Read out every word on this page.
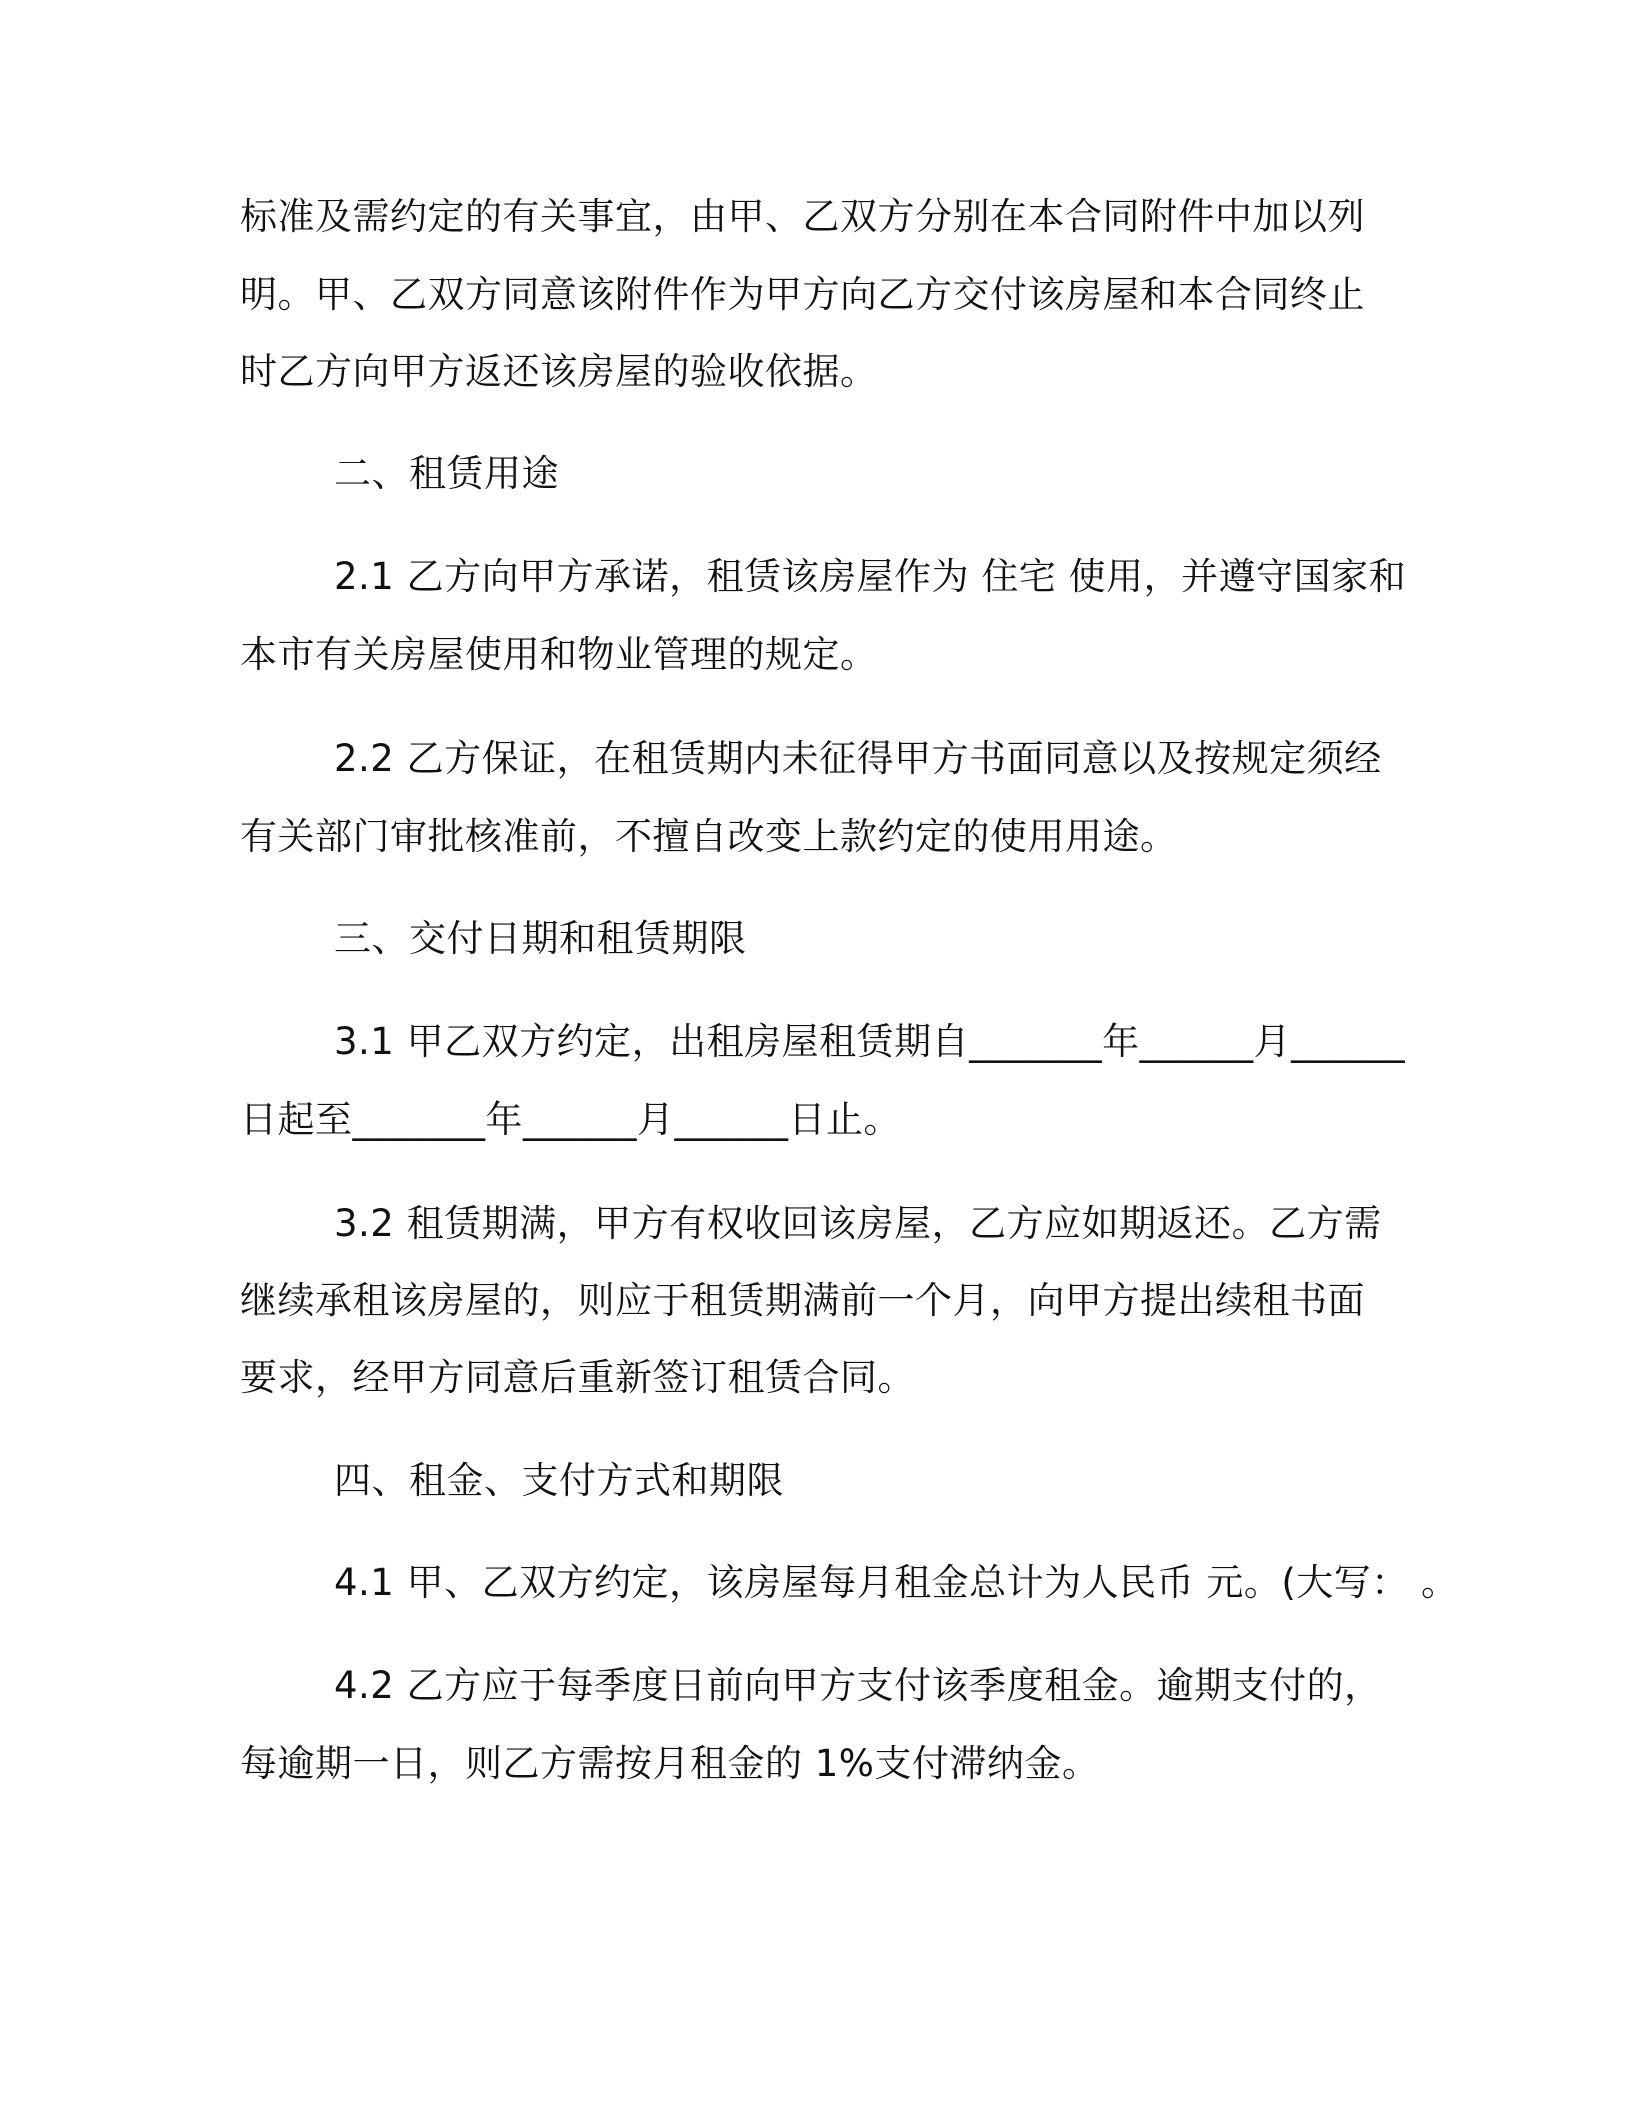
标准及需约定的有关事宜，由甲、乙双方分别在本合同附件中加以列
明。甲、乙双方同意该附件作为甲方向乙方交付该房屋和本合同终止
时乙方向甲方返还该房屋的验收依据。
二、租赁用途
2.1 乙方向甲方承诺，租赁该房屋作为 住宅 使用，并遵守国家和
本市有关房屋使用和物业管理的规定。
2.2 乙方保证，在租赁期内未征得甲方书面同意以及按规定须经
有关部门审批核准前，不擅自改变上款约定的使用用途。
三、交付日期和租赁期限
3.1 甲乙双方约定，出租房屋租赁期自_______年______月______
日起至_______年______月______日止。
3.2 租赁期满，甲方有权收回该房屋，乙方应如期返还。乙方需
继续承租该房屋的，则应于租赁期满前一个月，向甲方提出续租书面
要求，经甲方同意后重新签订租赁合同。
四、租金、支付方式和期限
4.1 甲、乙双方约定，该房屋每月租金总计为人民币 元。(大写： 。
4.2 乙方应于每季度日前向甲方支付该季度租金。逾期支付的，
每逾期一日，则乙方需按月租金的 1%支付滞纳金。
